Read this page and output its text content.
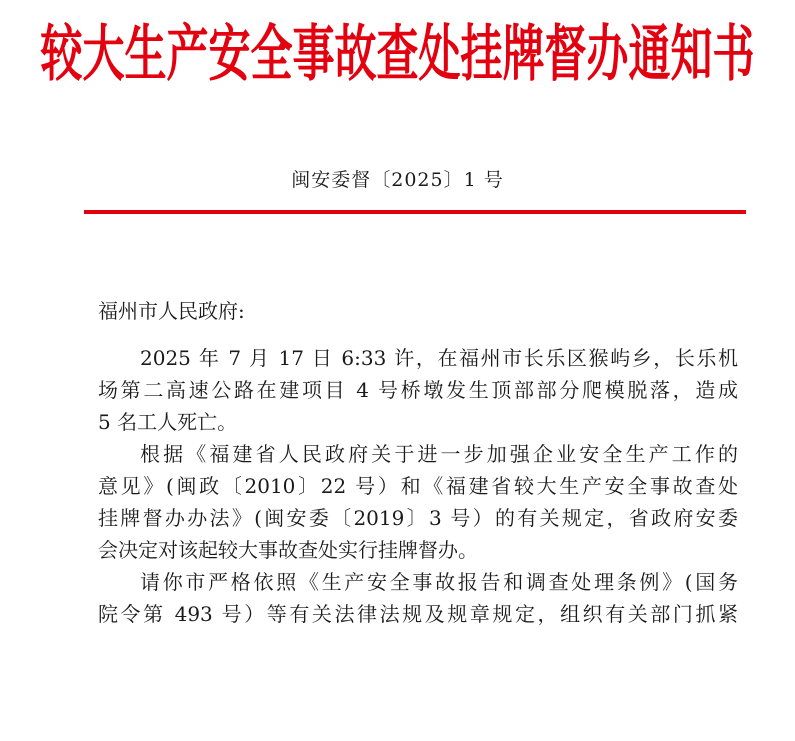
较大生产安全事故查处挂牌督办通知书
闽安委督〔2025〕1 号
福州市人民政府:
2025 年 7 月 17 日 6:33 许，在福州市长乐区猴屿乡，长乐机
场第二高速公路在建项目 4 号桥墩发生顶部部分爬模脱落，造成
5 名工人死亡。
根据《福建省人民政府关于进一步加强企业安全生产工作的
意见》(闽政〔2010〕22 号）和《福建省较大生产安全事故查处
挂牌督办办法》(闽安委〔2019〕3 号）的有关规定，省政府安委
会决定对该起较大事故查处实行挂牌督办。
请你市严格依照《生产安全事故报告和调查处理条例》(国务
院令第 493 号）等有关法律法规及规章规定，组织有关部门抓紧
